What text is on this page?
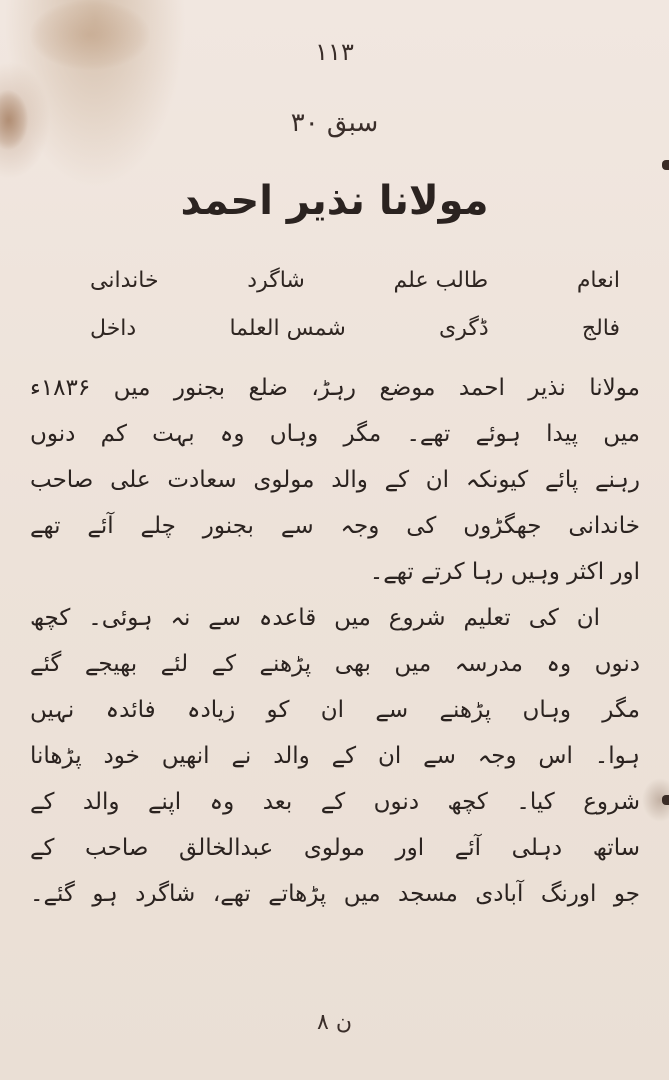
۱۱۳
سبق ۳۰
مولانا نذیر احمد
خاندانی	شاگرد	طالب علم	انعام
داخل	شمس العلما	ڈگری	فالج
مولانا نذیر احمد موضع رہڑ، ضلع بجنور میں ۱۸۳۶ء
میں پیدا ہوئے تھے۔ مگر وہاں وہ بہت کم دنوں
رہنے پائے کیونکہ ان کے والد مولوی سعادت علی صاحب
خاندانی جھگڑوں کی وجہ سے بجنور چلے آئے تھے
اور اکثر وہیں رہا کرتے تھے۔
ان کی تعلیم شروع میں قاعدہ سے نہ ہوئی۔ کچھ
دنوں وہ مدرسہ میں بھی پڑھنے کے لئے بھیجے گئے
مگر وہاں پڑھنے سے ان کو زیادہ فائدہ نہیں
ہوا۔ اس وجہ سے ان کے والد نے انھیں خود پڑھانا
شروع کیا۔ کچھ دنوں کے بعد وہ اپنے والد کے
ساتھ دہلی آئے اور مولوی عبدالخالق صاحب کے
جو اورنگ آبادی مسجد میں پڑھاتے تھے، شاگرد ہو گئے۔
ن ۸
